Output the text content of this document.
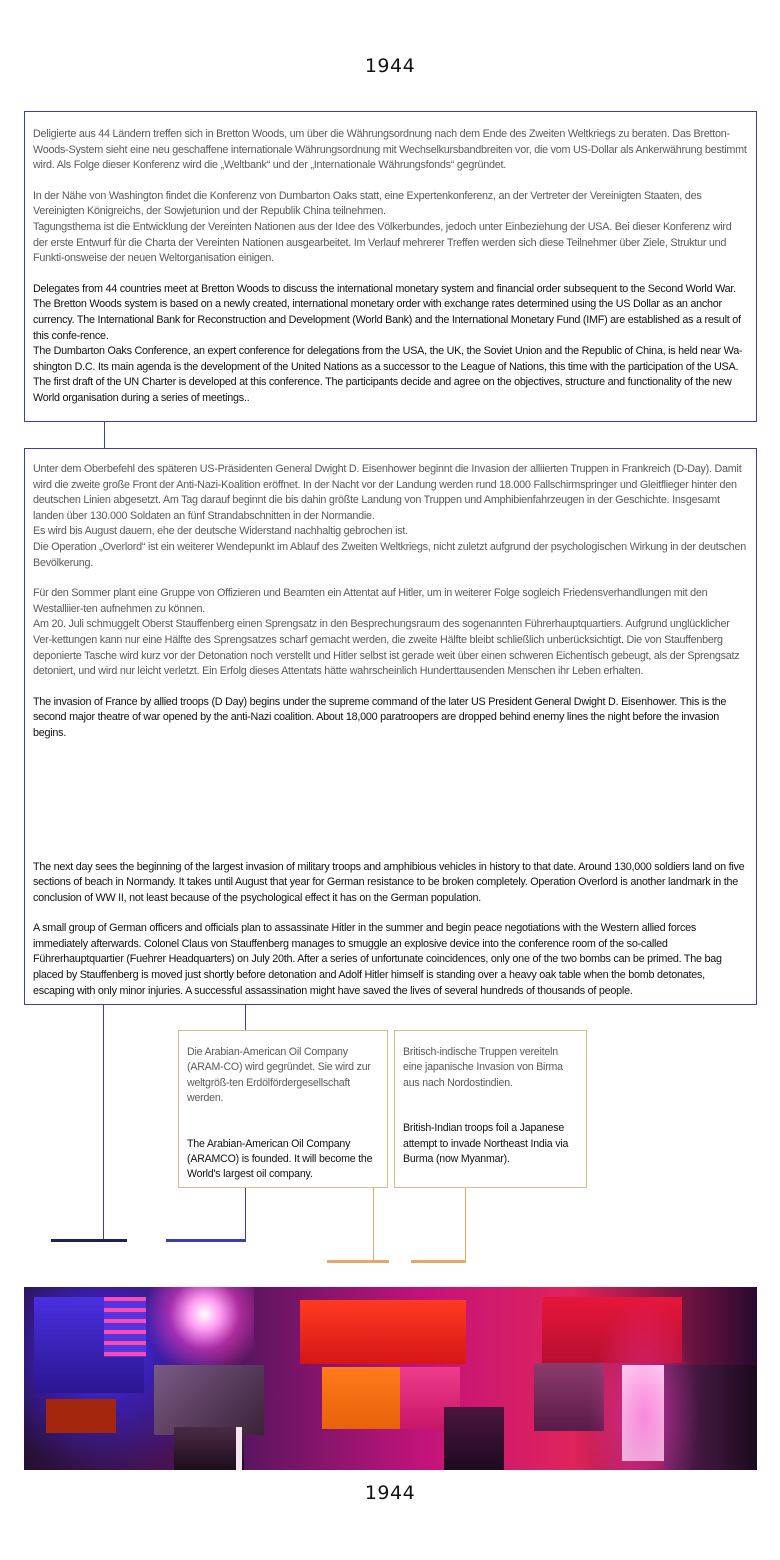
1944

Deligierte aus 44 Ländern treffen sich in Bretton Woods, um über die Währungsordnung nach dem Ende des Zweiten Weltkriegs zu beraten. Das Bretton-Woods-System sieht eine neu geschaffene internationale Währungsordnung mit Wechselkursbandbreiten vor, die vom US-Dollar als Ankerwährung bestimmt wird. Als Folge dieser Konferenz wird die „Weltbank“ und der „Internationale Währungsfonds“ gegründet.

In der Nähe von Washington findet die Konferenz von Dumbarton Oaks statt, eine Expertenkonferenz, an der Vertreter der Vereinigten Staaten, des Vereinigten Königreichs, der Sowjetunion und der Republik China teilnehmen.

Tagungsthema ist die Entwicklung der Vereinten Nationen aus der Idee des Völkerbundes, jedoch unter Einbeziehung der USA. Bei dieser Konferenz wird der erste Entwurf für die Charta der Vereinten Nationen ausgearbeitet. Im Verlauf mehrerer Treffen werden sich diese Teilnehmer über Ziele, Struktur und Funkti-onsweise der neuen Weltorganisation einigen.

Delegates from 44 countries meet at Bretton Woods to discuss the international monetary system and financial order subsequent to the Second World War. The Bretton Woods system is based on a newly created, international monetary order with exchange rates determined using the US Dollar as an anchor currency. The International Bank for Reconstruction and Development (World Bank) and the International Monetary Fund (IMF) are established as a result of this confe-rence.

The Dumbarton Oaks Conference, an expert conference for delegations from the USA, the UK, the Soviet Union and the Republic of China, is held near Wa-shington D.C. Its main agenda is the development of the United Nations as a successor to the League of Nations, this time with the participation of the USA. The first draft of the UN Charter is developed at this conference. The participants decide and agree on the objectives, structure and functionality of the new World organisation during a series of meetings..

Unter dem Oberbefehl des späteren US-Präsidenten General Dwight D. Eisenhower beginnt die Invasion der alliierten Truppen in Frankreich (D-Day). Damit wird die zweite große Front der Anti-Nazi-Koalition eröffnet. In der Nacht vor der Landung werden rund 18.000 Fallschirmspringer und Gleitflieger hinter den deutschen Linien abgesetzt. Am Tag darauf beginnt die bis dahin größte Landung von Truppen und Amphibienfahrzeugen in der Geschichte. Insgesamt landen über 130.000 Soldaten an fünf Strandabschnitten in der Normandie.

Es wird bis August dauern, ehe der deutsche Widerstand nachhaltig gebrochen ist.

Die Operation „Overlord“ ist ein weiterer Wendepunkt im Ablauf des Zweiten Weltkriegs, nicht zuletzt aufgrund der psychologischen Wirkung in der deutschen Bevölkerung.

Für den Sommer plant eine Gruppe von Offizieren und Beamten ein Attentat auf Hitler, um in weiterer Folge sogleich Friedensverhandlungen mit den Westalliier-ten aufnehmen zu können.

Am 20. Juli schmuggelt Oberst Stauffenberg einen Sprengsatz in den Besprechungsraum des sogenannten Führerhauptquartiers. Aufgrund unglücklicher Ver-kettungen kann nur eine Hälfte des Sprengsatzes scharf gemacht werden, die zweite Hälfte bleibt schließlich unberücksichtigt. Die von Stauffenberg deponierte Tasche wird kurz vor der Detonation noch verstellt und Hitler selbst ist gerade weit über einen schweren Eichentisch gebeugt, als der Sprengsatz detoniert, und wird nur leicht verletzt. Ein Erfolg dieses Attentats hätte wahrscheinlich Hunderttausenden Menschen ihr Leben erhalten.

The invasion of France by allied troops (D Day) begins under the supreme command of the later US President General Dwight D. Eisenhower. This is the second major theatre of war opened by the anti-Nazi coalition. About 18,000 paratroopers are dropped behind enemy lines the night before the invasion begins.

The next day sees the beginning of the largest invasion of military troops and amphibious vehicles in history to that date. Around 130,000 soldiers land on five sections of beach in Normandy. It takes until August that year for German resistance to be broken completely. Operation Overlord is another landmark in the conclusion of WW II, not least because of the psychological effect it has on the German population.

A small group of German officers and officials plan to assassinate Hitler in the summer and begin peace negotiations with the Western allied forces immediately afterwards. Colonel Claus von Stauffenberg manages to smuggle an explosive device into the conference room of the so-called Führerhauptquartier (Fuehrer Headquarters) on July 20th. After a series of unfortunate coincidences, only one of the two bombs can be primed. The bag placed by Stauffenberg is moved just shortly before detonation and Adolf Hitler himself is standing over a heavy oak table when the bomb detonates, escaping with only minor injuries. A successful assassination might have saved the lives of several hundreds of thousands of people.

Die Arabian-American Oil Company (ARAM-CO) wird gegründet. Sie wird zur weltgröß-ten Erdölfördergesellschaft werden.

The Arabian-American Oil Company (ARAMCO) is founded. It will become the World's largest oil company.

Britisch-indische Truppen vereiteln eine japanische Invasion von Birma aus nach Nordostindien.

British-Indian troops foil a Japanese attempt to invade Northeast India via Burma (now Myanmar).

1944
